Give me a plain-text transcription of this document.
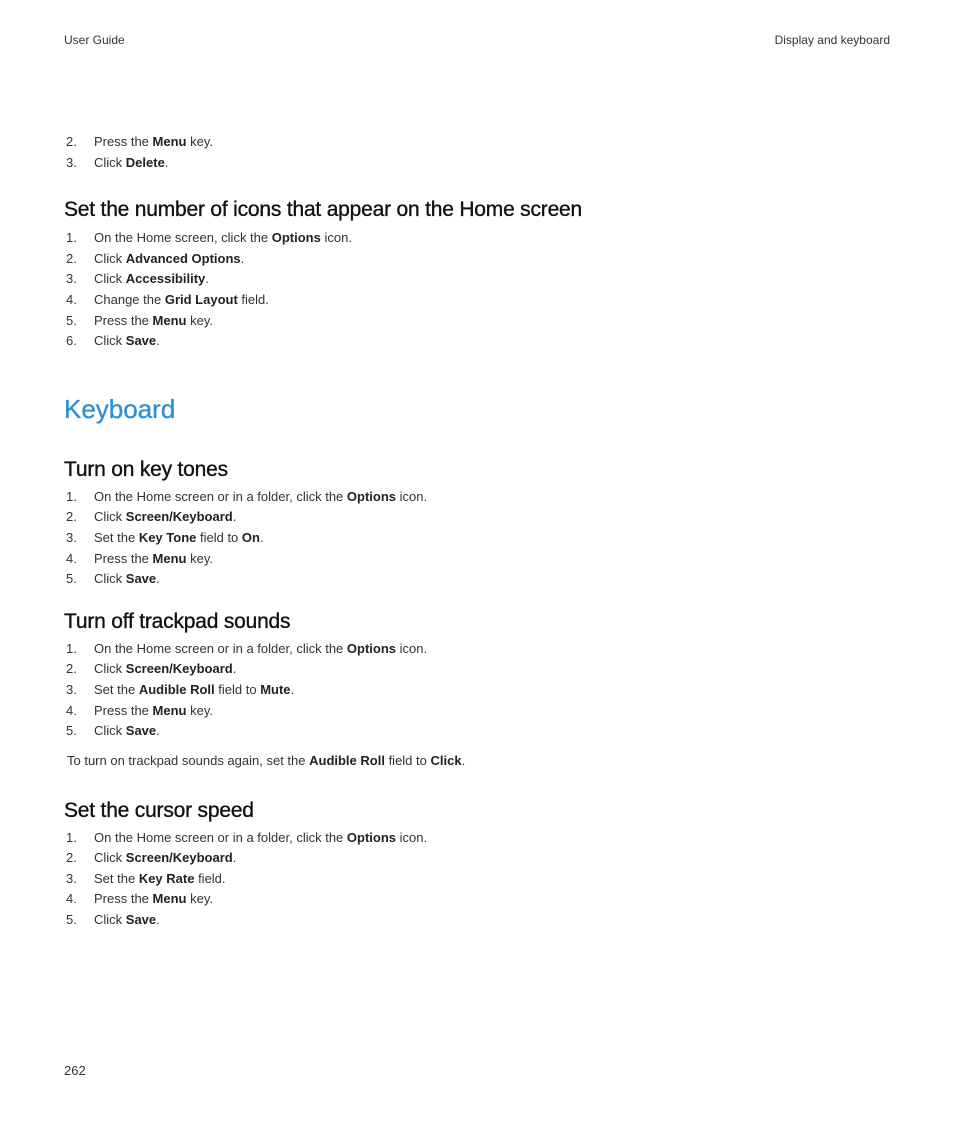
User Guide	Display and keyboard
2.	Press the Menu key.
3.	Click Delete.
Set the number of icons that appear on the Home screen
1.	On the Home screen, click the Options icon.
2.	Click Advanced Options.
3.	Click Accessibility.
4.	Change the Grid Layout field.
5.	Press the Menu key.
6.	Click Save.
Keyboard
Turn on key tones
1.	On the Home screen or in a folder, click the Options icon.
2.	Click Screen/Keyboard.
3.	Set the Key Tone field to On.
4.	Press the Menu key.
5.	Click Save.
Turn off trackpad sounds
1.	On the Home screen or in a folder, click the Options icon.
2.	Click Screen/Keyboard.
3.	Set the Audible Roll field to Mute.
4.	Press the Menu key.
5.	Click Save.

To turn on trackpad sounds again, set the Audible Roll field to Click.

Set the cursor speed
1.	On the Home screen or in a folder, click the Options icon.
2.	Click Screen/Keyboard.
3.	Set the Key Rate field.
4.	Press the Menu key.
5.	Click Save.
262
